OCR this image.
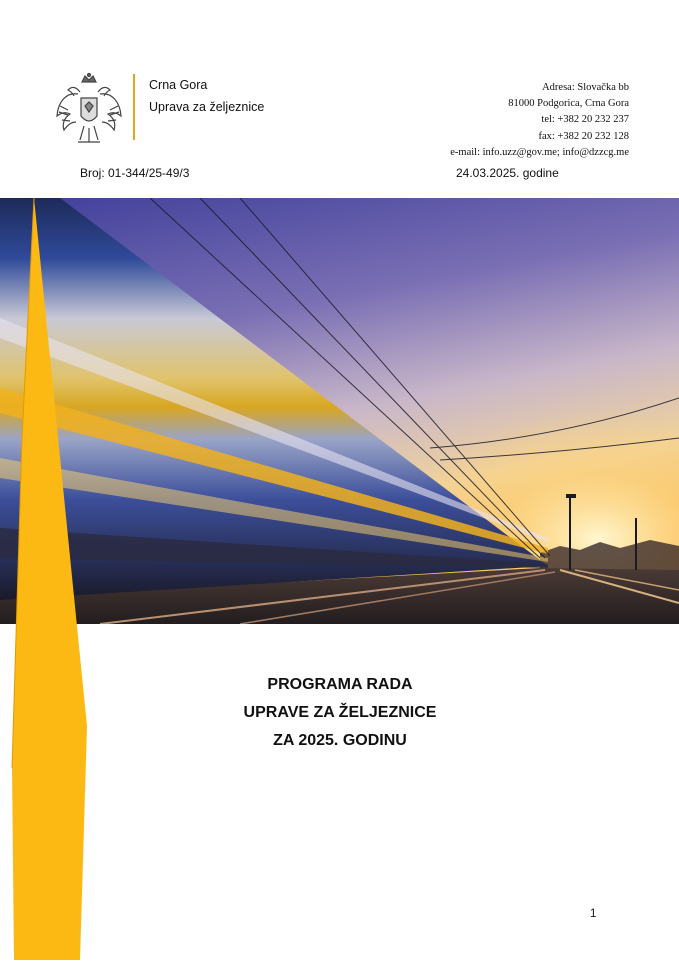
Crna Gora
Uprava za željeznice
Adresa: Slovačka bb
81000 Podgorica, Crna Gora
tel: +382 20 232 237
fax: +382 20 232 128
e-mail: info.uzz@gov.me; info@dzzcg.me
Broj: 01-344/25-49/3	24.03.2025. godine
PROGRAMA RADA
UPRAVE ZA ŽELJEZNICE
ZA 2025. GODINU
1
